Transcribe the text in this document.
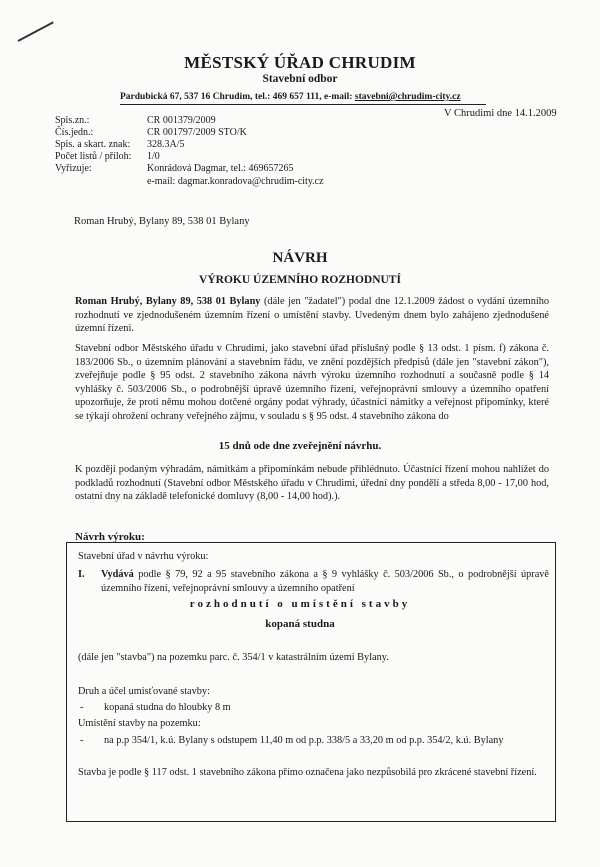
MĚSTSKÝ ÚŘAD CHRUDIM
Stavební odbor
Pardubická 67, 537 16 Chrudim, tel.: 469 657 111, e-mail: stavebni@chrudim-city.cz
V Chrudimi dne 14.1.2009
Spis.zn.:	CR 001379/2009
Čís.jedn.:	CR 001797/2009 STO/K
Spis. a skart. znak: 328.3A/5
Počet listů / příloh: 1/0
Vyřizuje:	Konrádová Dagmar, tel.: 469657265
e-mail: dagmar.konradova@chrudim-city.cz
Roman Hrubý, Bylany 89, 538 01 Bylany
NÁVRH
VÝROKU ÚZEMNÍHO ROZHODNUTÍ
Roman Hrubý, Bylany 89, 538 01 Bylany (dále jen "žadatel") podal dne 12.1.2009 žádost o vydání územního rozhodnutí ve zjednodušeném územním řízení o umístění stavby. Uvedeným dnem bylo zahájeno zjednodušené územní řízení.
Stavební odbor Městského úřadu v Chrudimi, jako stavební úřad příslušný podle § 13 odst. 1 písm. f) zákona č. 183/2006 Sb., o územním plánování a stavebním řádu, ve znění pozdějších předpisů (dále jen "stavební zákon"), zveřejňuje podle § 95 odst. 2 stavebního zákona návrh výroku územního rozhodnutí a současně podle § 14 vyhlášky č. 503/2006 Sb., o podrobnější úpravě územního řízení, veřejnoprávní smlouvy a územního opatření upozorňuje, že proti němu mohou dotčené orgány podat výhrady, účastníci námitky a veřejnost připomínky, které se týkají ohrožení ochrany veřejného zájmu, v souladu s § 95 odst. 4 stavebního zákona do
15 dnů ode dne zveřejnění návrhu.
K později podaným výhradám, námitkám a připomínkám nebude přihlédnuto. Účastníci řízení mohou nahlížet do podkladů rozhodnutí (Stavební odbor Městského úřadu v Chrudimi, úřední dny pondělí a středa 8,00 - 17,00 hod, ostatní dny na základě telefonické domluvy (8,00 - 14,00 hod).).
Návrh výroku:
Stavební úřad v návrhu výroku:
I. Vydává podle § 79, 92 a 95 stavebního zákona a § 9 vyhlášky č. 503/2006 Sb., o podrobnější úpravě územního řízení, veřejnoprávní smlouvy a územního opatření
rozhodnutí o umístění stavby
kopaná studna
(dále jen "stavba") na pozemku parc. č. 354/1 v katastrálním území Bylany.
Druh a účel umisťované stavby:
- kopaná studna do hloubky 8 m
Umístění stavby na pozemku:
- na p.p 354/1, k.ú. Bylany s odstupem 11,40 m od p.p. 338/5 a 33,20 m od p.p. 354/2, k.ú. Bylany
Stavba je podle § 117 odst. 1 stavebního zákona přímo označena jako nezpůsobilá pro zkrácené stavební řízení.
